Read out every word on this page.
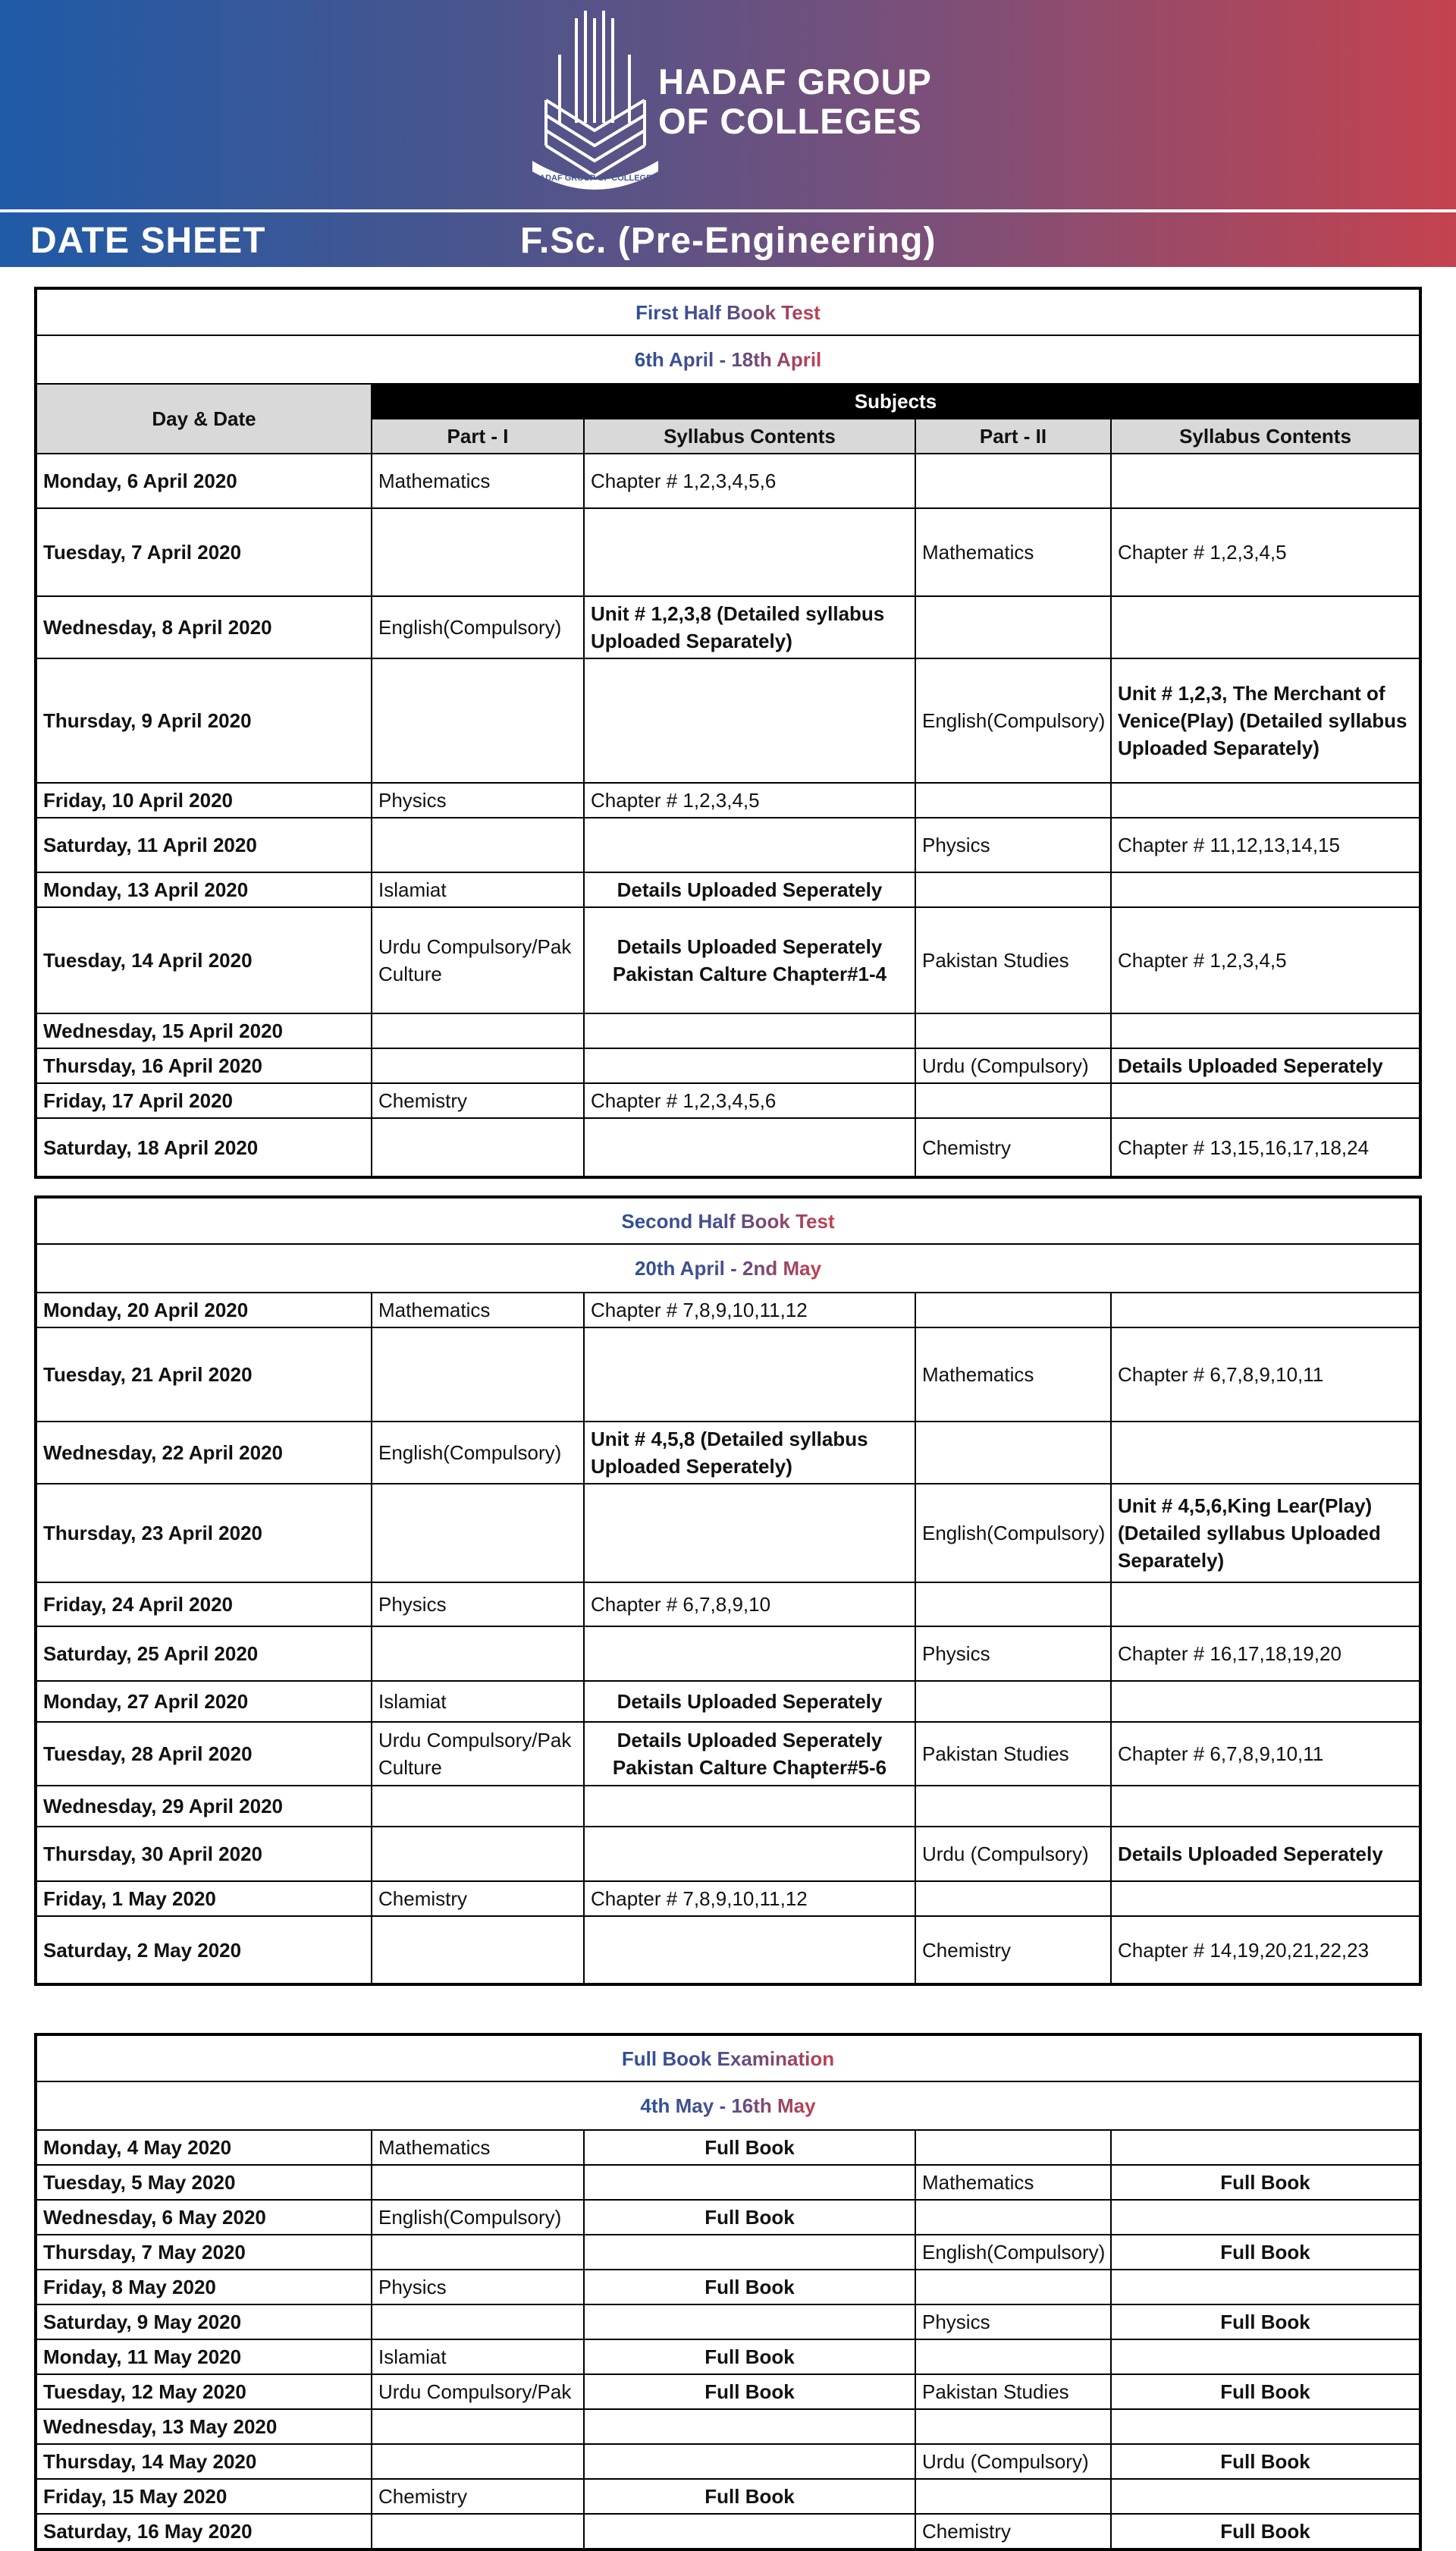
HADAF GROUP OF COLLEGES
HADAF GROUP
OF COLLEGES
DATE SHEET	F.Sc. (Pre-Engineering)
First Half Book Test				
6th April - 18th April				
Day & Date	Subjects			
	Part - I	Syllabus Contents	Part - II	Syllabus Contents
Monday, 6 April 2020	Mathematics	Chapter # 1,2,3,4,5,6		
Tuesday, 7 April 2020			Mathematics	Chapter # 1,2,3,4,5
Wednesday, 8 April 2020	English(Compulsory)	Unit # 1,2,3,8 (Detailed syllabus Uploaded Separately)		
Thursday, 9 April 2020			English(Compulsory)	Unit # 1,2,3, The Merchant of Venice(Play) (Detailed syllabus Uploaded Separately)
Friday, 10 April 2020	Physics	Chapter # 1,2,3,4,5		
Saturday, 11 April 2020			Physics	Chapter # 11,12,13,14,15
Monday, 13 April 2020	Islamiat	Details Uploaded Seperately		
Tuesday, 14 April 2020	Urdu Compulsory/Pak Culture	Details Uploaded Seperately Pakistan Calture Chapter#1-4	Pakistan Studies	Chapter # 1,2,3,4,5
Wednesday, 15 April 2020				
Thursday, 16 April 2020			Urdu (Compulsory)	Details Uploaded Seperately
Friday, 17 April 2020	Chemistry	Chapter # 1,2,3,4,5,6		
Saturday, 18 April 2020			Chemistry	Chapter # 13,15,16,17,18,24
Second Half Book Test				
20th April - 2nd May				
Monday, 20 April 2020	Mathematics	Chapter # 7,8,9,10,11,12		
Tuesday, 21 April 2020			Mathematics	Chapter # 6,7,8,9,10,11
Wednesday, 22 April 2020	English(Compulsory)	Unit # 4,5,8 (Detailed syllabus Uploaded Seperately)		
Thursday, 23 April 2020			English(Compulsory)	Unit # 4,5,6,King Lear(Play) (Detailed syllabus Uploaded Separately)
Friday, 24 April 2020	Physics	Chapter # 6,7,8,9,10		
Saturday, 25 April 2020			Physics	Chapter # 16,17,18,19,20
Monday, 27 April 2020	Islamiat	Details Uploaded Seperately		
Tuesday, 28 April 2020	Urdu Compulsory/Pak Culture	Details Uploaded Seperately Pakistan Calture Chapter#5-6	Pakistan Studies	Chapter # 6,7,8,9,10,11
Wednesday, 29 April 2020				
Thursday, 30 April 2020			Urdu (Compulsory)	Details Uploaded Seperately
Friday, 1 May 2020	Chemistry	Chapter # 7,8,9,10,11,12		
Saturday, 2 May 2020			Chemistry	Chapter # 14,19,20,21,22,23
Full Book Examination				
4th May - 16th May				
Monday, 4 May 2020	Mathematics	Full Book		
Tuesday, 5 May 2020			Mathematics	Full Book
Wednesday, 6 May 2020	English(Compulsory)	Full Book		
Thursday, 7 May 2020			English(Compulsory)	Full Book
Friday, 8 May 2020	Physics	Full Book		
Saturday, 9 May 2020			Physics	Full Book
Monday, 11 May 2020	Islamiat	Full Book		
Tuesday, 12 May 2020	Urdu Compulsory/Pak	Full Book	Pakistan Studies	Full Book
Wednesday, 13 May 2020				
Thursday, 14 May 2020			Urdu (Compulsory)	Full Book
Friday, 15 May 2020	Chemistry	Full Book		
Saturday, 16 May 2020			Chemistry	Full Book
